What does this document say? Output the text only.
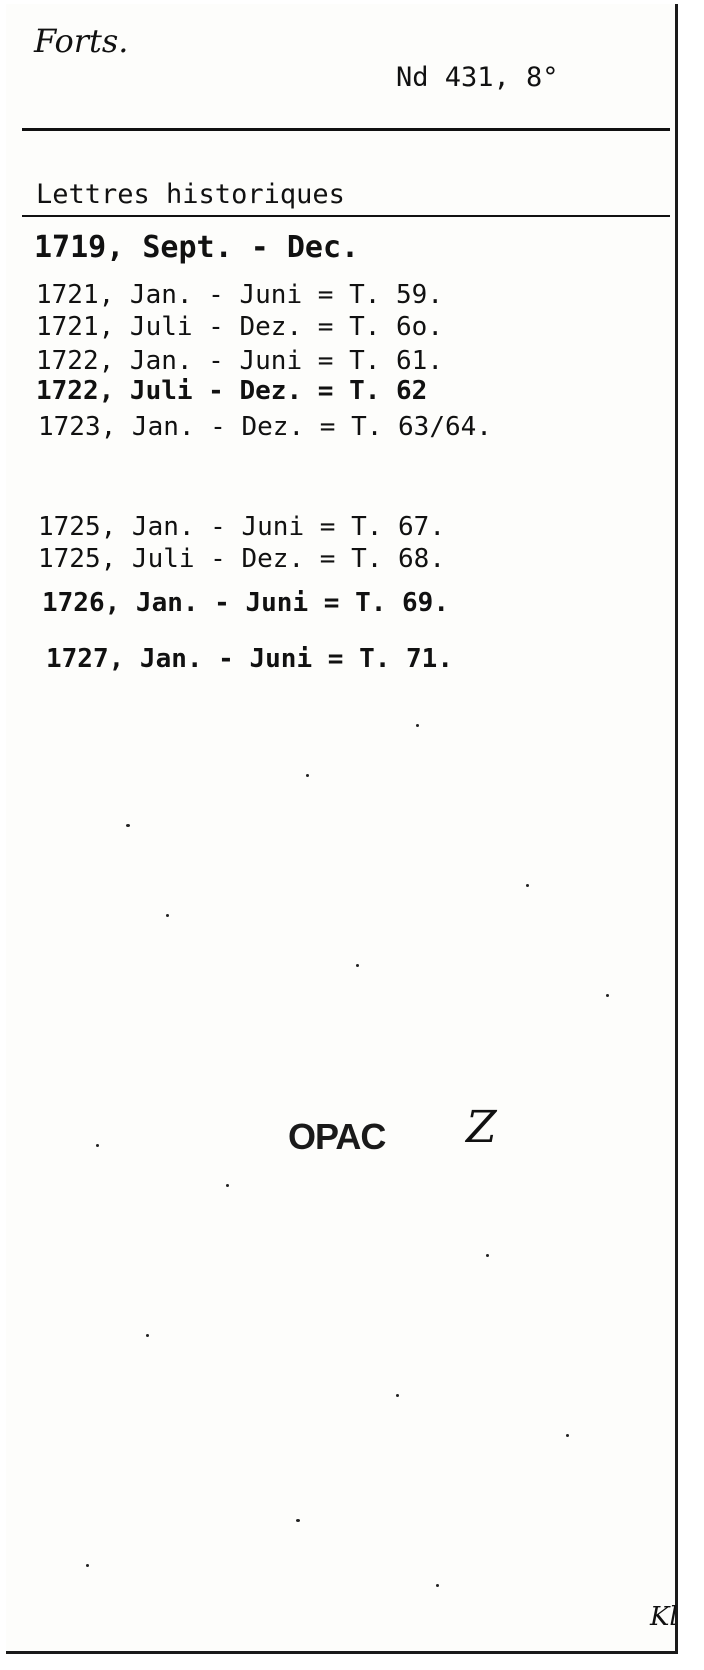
Forts.
Nd 431, 8°
Lettres historiques
1719, Sept. - Dec.
1721, Jan. - Juni = T. 59.
1721, Juli - Dez. = T. 6o.
1722, Jan. - Juni = T. 61.
1722, Juli - Dez. = T. 62
1723, Jan. - Dez. = T. 63/64.
1725, Jan. - Juni = T. 67.
1725, Juli - Dez. = T. 68.
1726, Jan. - Juni = T. 69.
1727, Jan. - Juni = T. 71.
OPAC Z
Kl
